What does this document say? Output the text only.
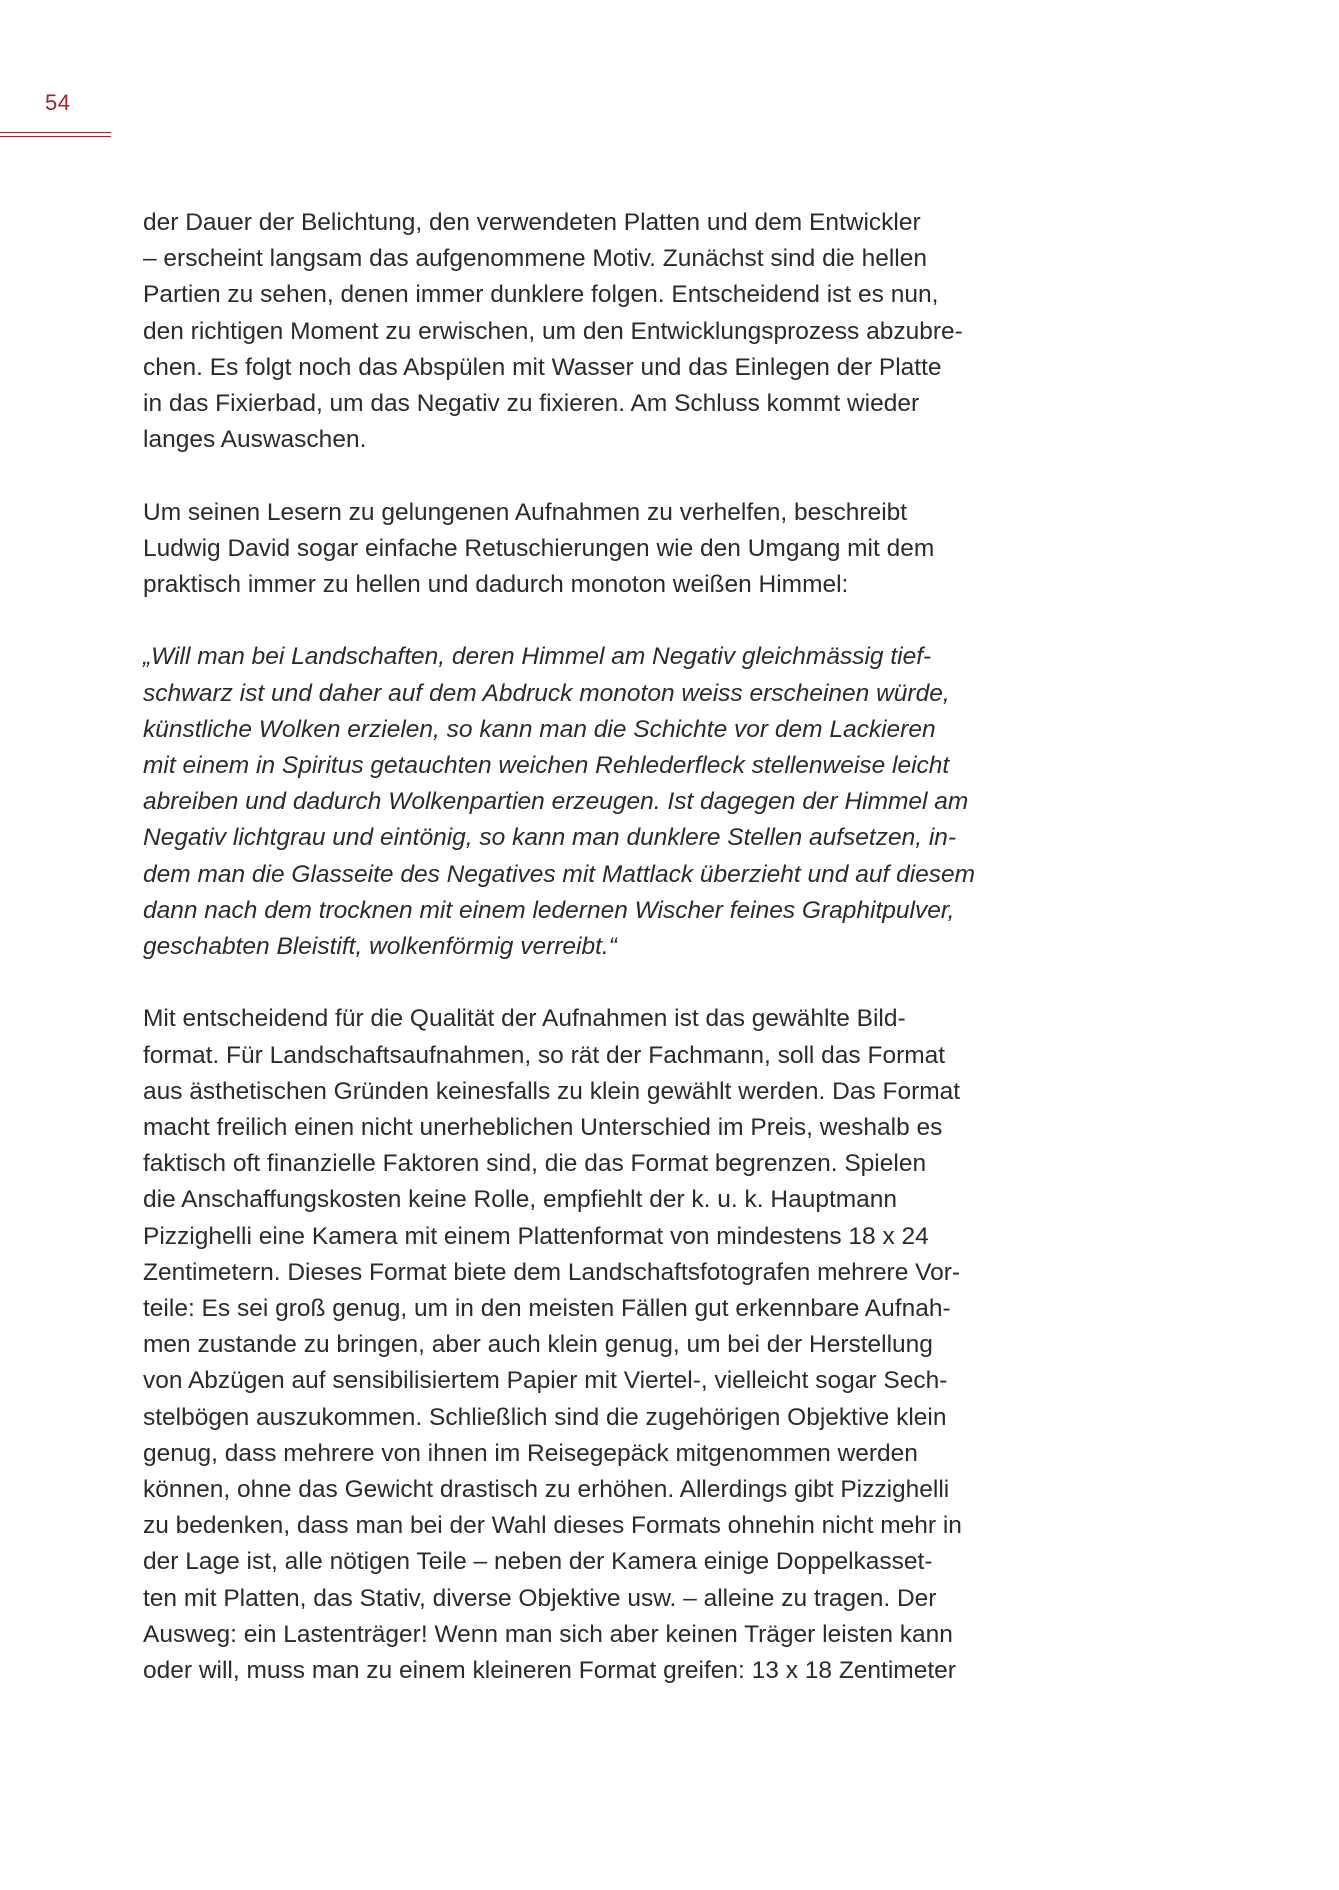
54
der Dauer der Belichtung, den verwendeten Platten und dem Entwickler
– erscheint langsam das aufgenommene Motiv. Zunächst sind die hellen
Partien zu sehen, denen immer dunklere folgen. Entscheidend ist es nun,
den richtigen Moment zu erwischen, um den Entwicklungsprozess abzubre-
chen. Es folgt noch das Abspülen mit Wasser und das Einlegen der Platte
in das Fixierbad, um das Negativ zu fixieren. Am Schluss kommt wieder
langes Auswaschen.
Um seinen Lesern zu gelungenen Aufnahmen zu verhelfen, beschreibt
Ludwig David sogar einfache Retuschierungen wie den Umgang mit dem
praktisch immer zu hellen und dadurch monoton weißen Himmel:
„Will man bei Landschaften, deren Himmel am Negativ gleichmässig tief-
schwarz ist und daher auf dem Abdruck monoton weiss erscheinen würde,
künstliche Wolken erzielen, so kann man die Schichte vor dem Lackieren
mit einem in Spiritus getauchten weichen Rehlederfleck stellenweise leicht
abreiben und dadurch Wolkenpartien erzeugen. Ist dagegen der Himmel am
Negativ lichtgrau und eintönig, so kann man dunklere Stellen aufsetzen, in-
dem man die Glasseite des Negatives mit Mattlack überzieht und auf diesem
dann nach dem trocknen mit einem ledernen Wischer feines Graphitpulver,
geschabten Bleistift, wolkenförmig verreibt.“
Mit entscheidend für die Qualität der Aufnahmen ist das gewählte Bild-
format. Für Landschaftsaufnahmen, so rät der Fachmann, soll das Format
aus ästhetischen Gründen keinesfalls zu klein gewählt werden. Das Format
macht freilich einen nicht unerheblichen Unterschied im Preis, weshalb es
faktisch oft finanzielle Faktoren sind, die das Format begrenzen. Spielen
die Anschaffungskosten keine Rolle, empfiehlt der k. u. k. Hauptmann
Pizzighelli eine Kamera mit einem Plattenformat von mindestens 18 x 24
Zentimetern. Dieses Format biete dem Landschaftsfotografen mehrere Vor-
teile: Es sei groß genug, um in den meisten Fällen gut erkennbare Aufnah-
men zustande zu bringen, aber auch klein genug, um bei der Herstellung
von Abzügen auf sensibilisiertem Papier mit Viertel-, vielleicht sogar Sech-
stelbögen auszukommen. Schließlich sind die zugehörigen Objektive klein
genug, dass mehrere von ihnen im Reisegepäck mitgenommen werden
können, ohne das Gewicht drastisch zu erhöhen. Allerdings gibt Pizzighelli
zu bedenken, dass man bei der Wahl dieses Formats ohnehin nicht mehr in
der Lage ist, alle nötigen Teile – neben der Kamera einige Doppelkasset-
ten mit Platten, das Stativ, diverse Objektive usw. – alleine zu tragen. Der
Ausweg: ein Lastenträger! Wenn man sich aber keinen Träger leisten kann
oder will, muss man zu einem kleineren Format greifen: 13 x 18 Zentimeter
